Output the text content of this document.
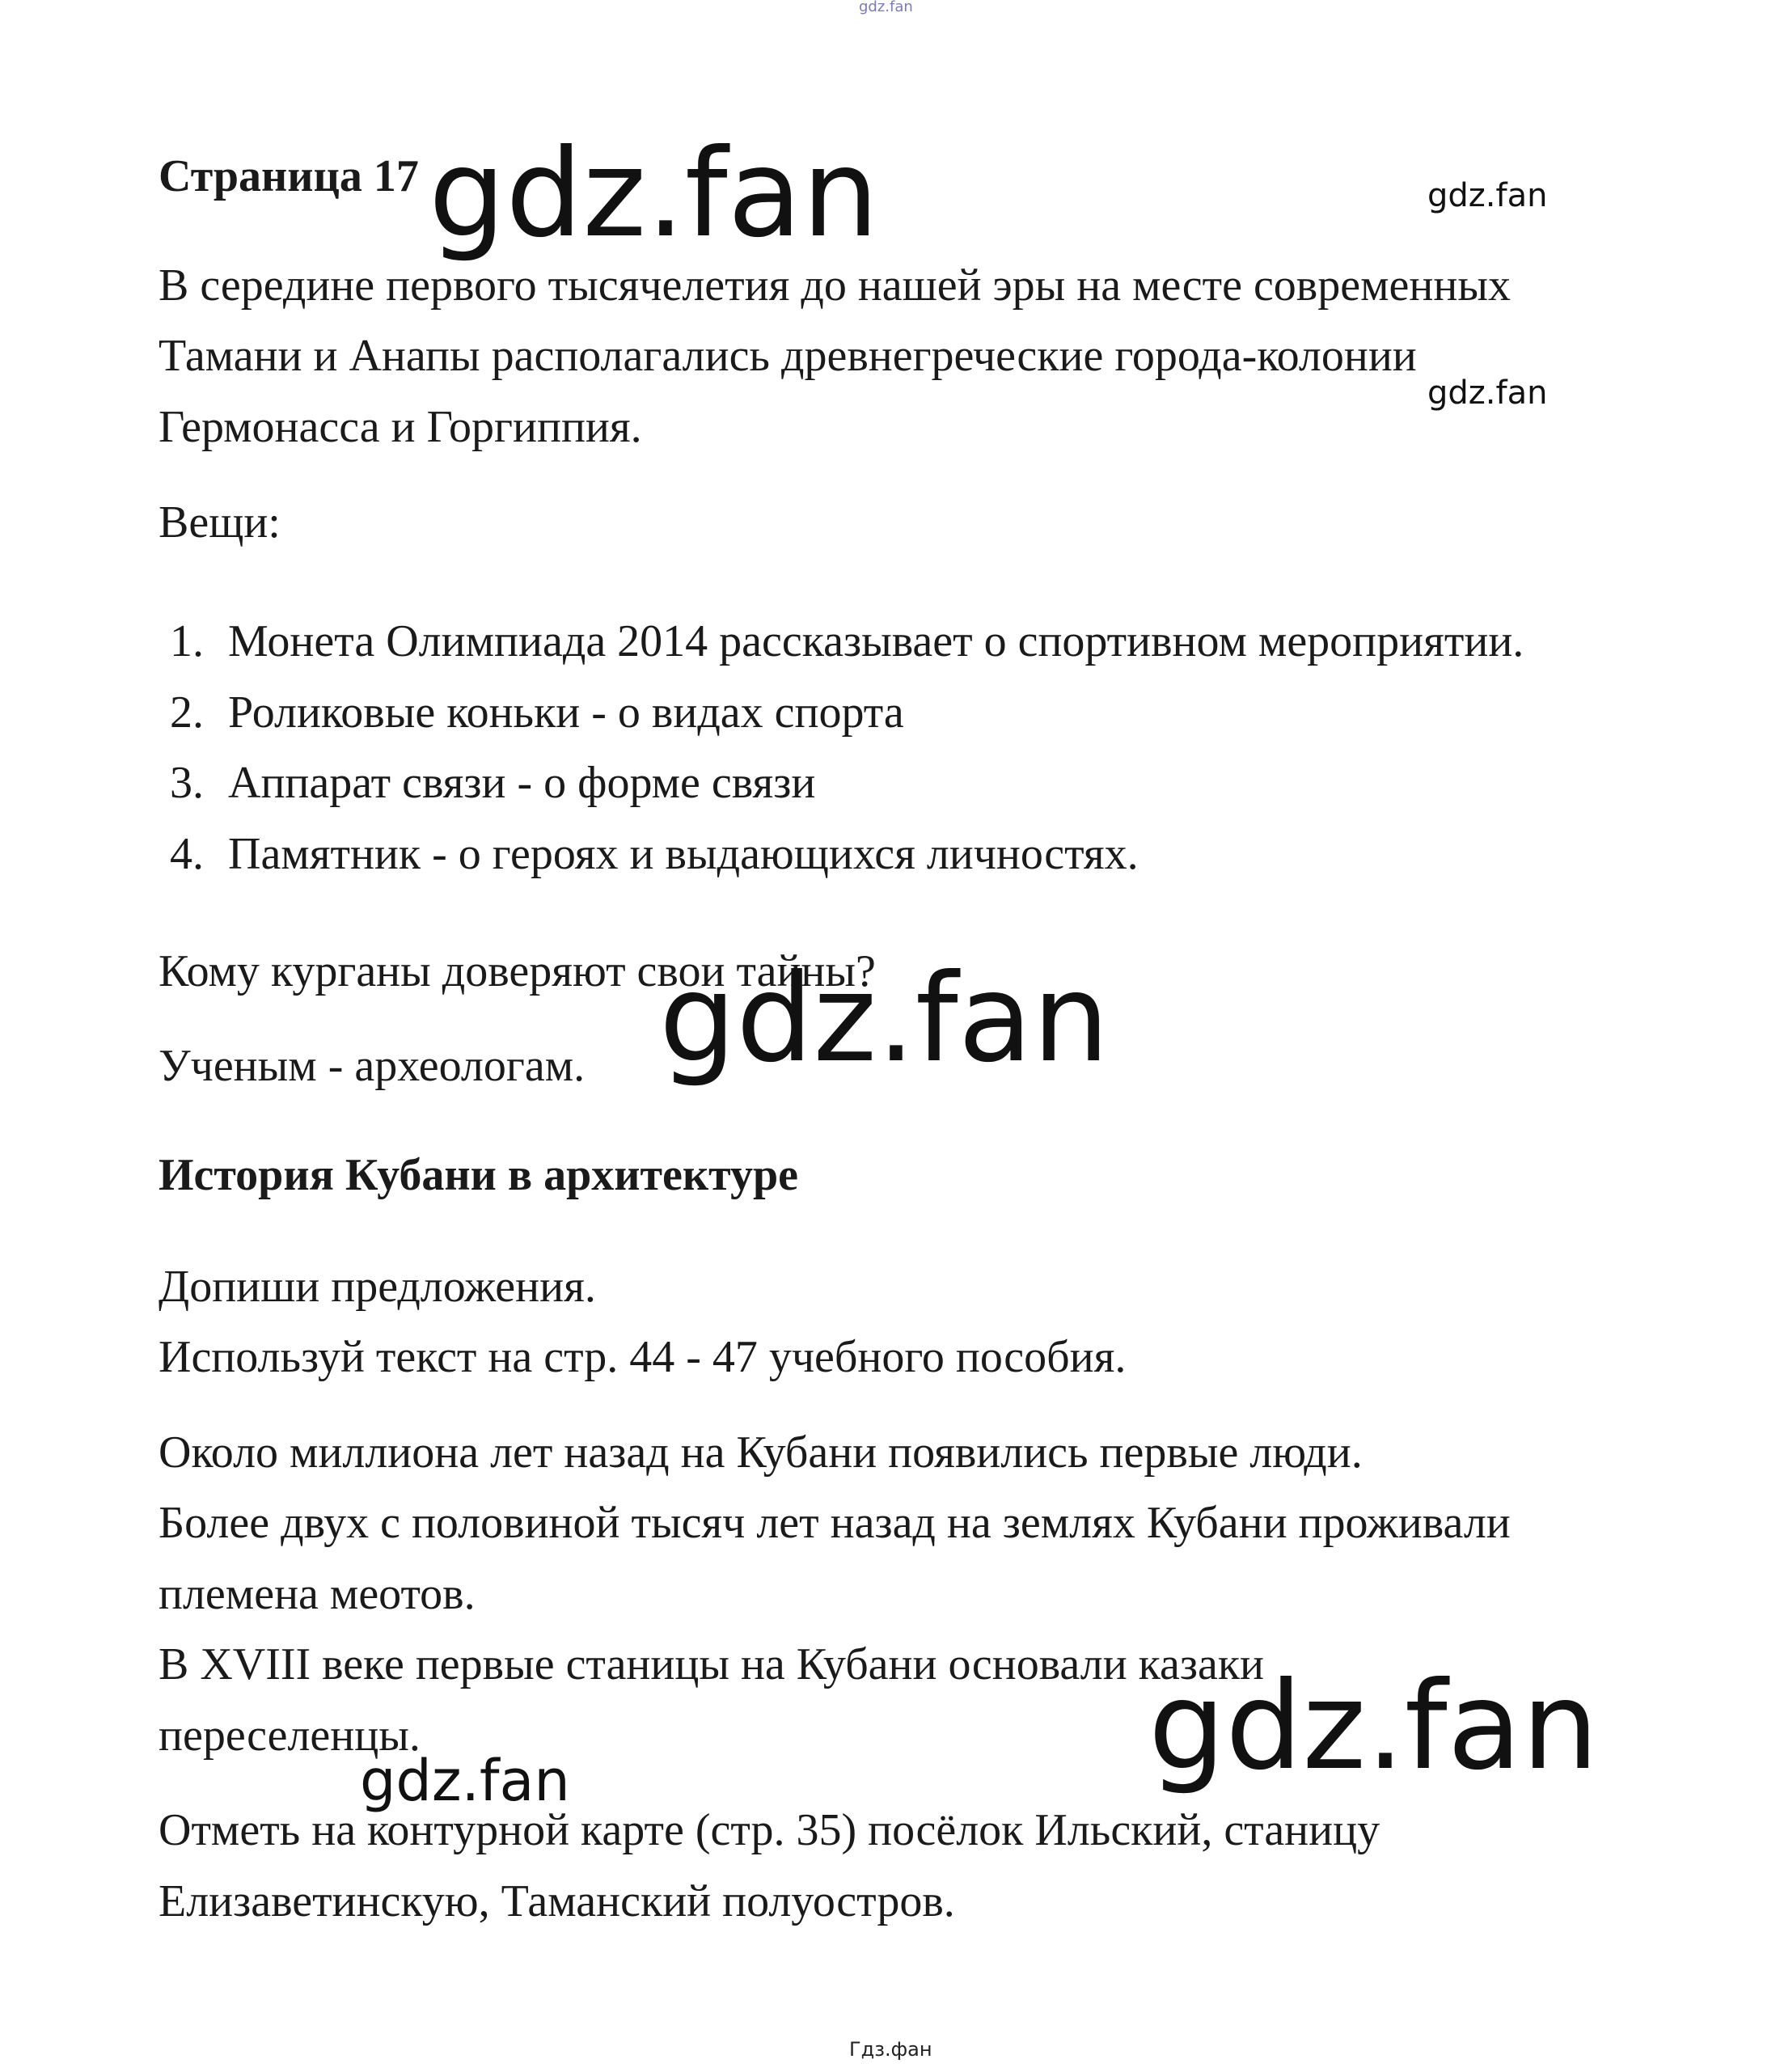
gdz.fan
Страница 17
В середине первого тысячелетия до нашей эры на месте современных
Тамани и Анапы располагались древнегреческие города-колонии
Гермонасса и Горгиппия.
Вещи:
1. Монета Олимпиада 2014 рассказывает о спортивном мероприятии.
2. Роликовые коньки - о видах спорта
3. Аппарат связи - о форме связи
4. Памятник - о героях и выдающихся личностях.
Кому курганы доверяют свои тайны?
Ученым - археологам.
История Кубани в архитектуре
Допиши предложения.
Используй текст на стр. 44 - 47 учебного пособия.
Около миллиона лет назад на Кубани появились первые люди.
Более двух с половиной тысяч лет назад на землях Кубани проживали
племена меотов.
В XVIII веке первые станицы на Кубани основали казаки
переселенцы.
Отметь на контурной карте (стр. 35) посёлок Ильский, станицу
Елизаветинскую, Таманский полуостров.
gdz.fan	gdz.fan
gdz.fan
gdz.fan
gdz.fan
gdz.fan
Гдз.фан
